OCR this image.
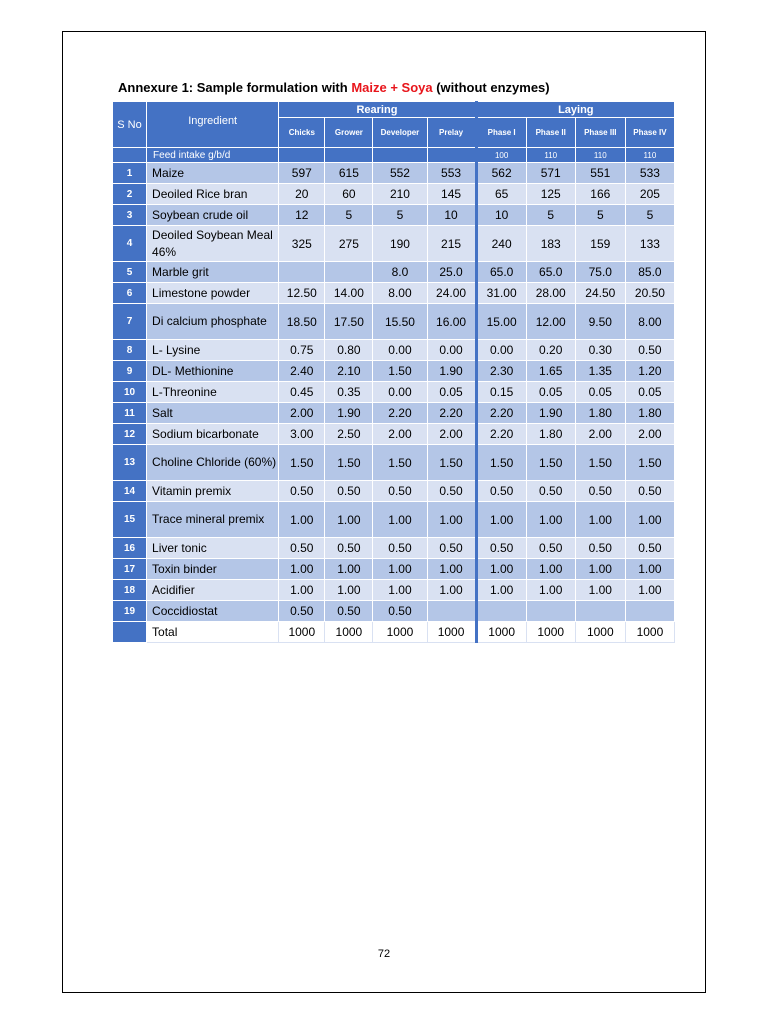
Annexure 1: Sample formulation with Maize + Soya (without enzymes)
S No	Ingredient	Rearing				Laying			
		Chicks	Grower	Developer	Prelay	Phase I	Phase II	Phase III	Phase IV
	Feed intake g/b/d					100	110	110	110
1	Maize	597	615	552	553	562	571	551	533
2	Deoiled Rice bran	20	60	210	145	65	125	166	205
3	Soybean crude oil	12	5	5	10	10	5	5	5
4	Deoiled Soybean Meal 46%	325	275	190	215	240	183	159	133
5	Marble grit			8.0	25.0	65.0	65.0	75.0	85.0
6	Limestone powder	12.50	14.00	8.00	24.00	31.00	28.00	24.50	20.50
7	Di calcium phosphate	18.50	17.50	15.50	16.00	15.00	12.00	9.50	8.00
8	L- Lysine	0.75	0.80	0.00	0.00	0.00	0.20	0.30	0.50
9	DL- Methionine	2.40	2.10	1.50	1.90	2.30	1.65	1.35	1.20
10	L-Threonine	0.45	0.35	0.00	0.05	0.15	0.05	0.05	0.05
11	Salt	2.00	1.90	2.20	2.20	2.20	1.90	1.80	1.80
12	Sodium bicarbonate	3.00	2.50	2.00	2.00	2.20	1.80	2.00	2.00
13	Choline Chloride (60%)	1.50	1.50	1.50	1.50	1.50	1.50	1.50	1.50
14	Vitamin premix	0.50	0.50	0.50	0.50	0.50	0.50	0.50	0.50
15	Trace mineral premix	1.00	1.00	1.00	1.00	1.00	1.00	1.00	1.00
16	Liver tonic	0.50	0.50	0.50	0.50	0.50	0.50	0.50	0.50
17	Toxin binder	1.00	1.00	1.00	1.00	1.00	1.00	1.00	1.00
18	Acidifier	1.00	1.00	1.00	1.00	1.00	1.00	1.00	1.00
19	Coccidiostat	0.50	0.50	0.50					
	Total	1000	1000	1000	1000	1000	1000	1000	1000
72
